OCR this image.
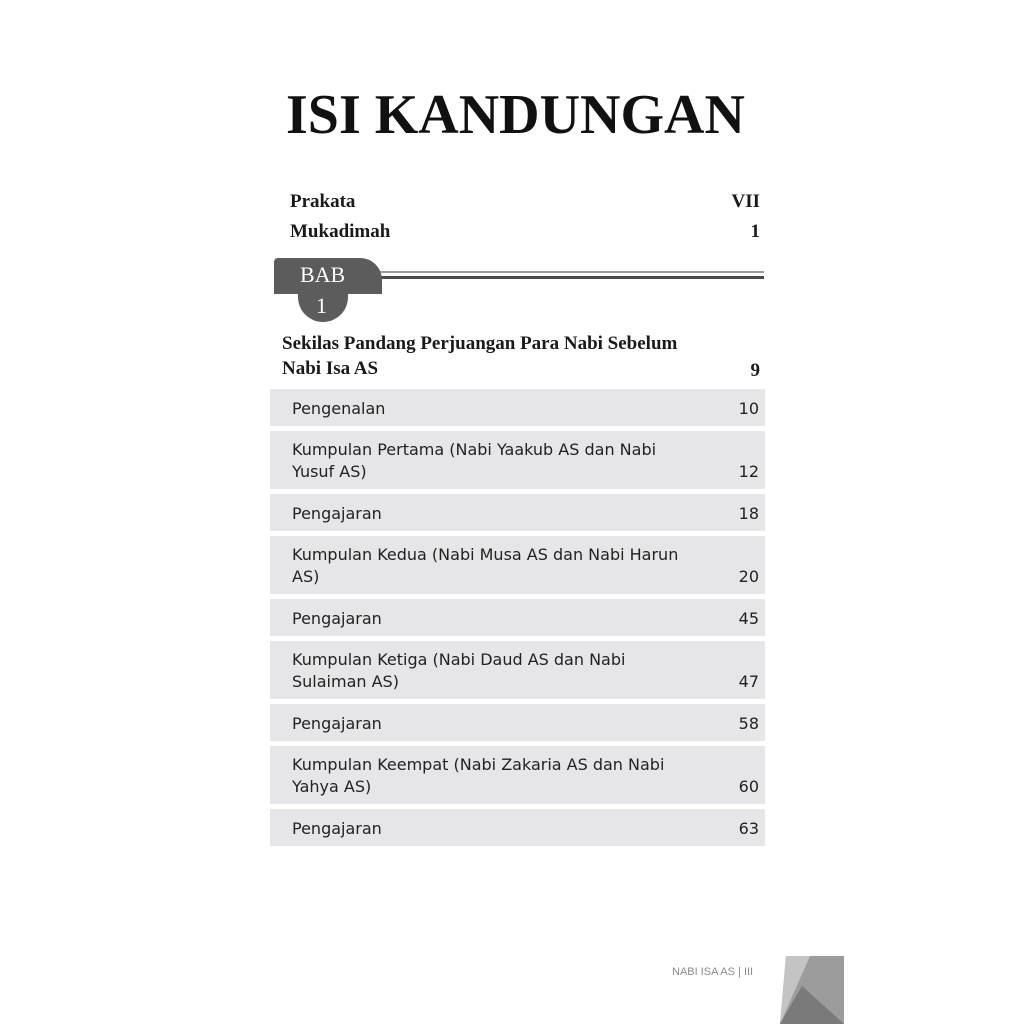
ISI KANDUNGAN
Prakata	VII
Mukadimah	1
BAB
1
Sekilas Pandang Perjuangan Para Nabi Sebelum Nabi Isa AS	9
Pengenalan	10
Kumpulan Pertama (Nabi Yaakub AS dan Nabi Yusuf AS)	12
Pengajaran	18
Kumpulan Kedua (Nabi Musa AS dan Nabi Harun AS)	20
Pengajaran	45
Kumpulan Ketiga (Nabi Daud AS dan Nabi Sulaiman AS)	47
Pengajaran	58
Kumpulan Keempat (Nabi Zakaria AS dan Nabi Yahya AS)	60
Pengajaran	63
NABI ISA AS | III
